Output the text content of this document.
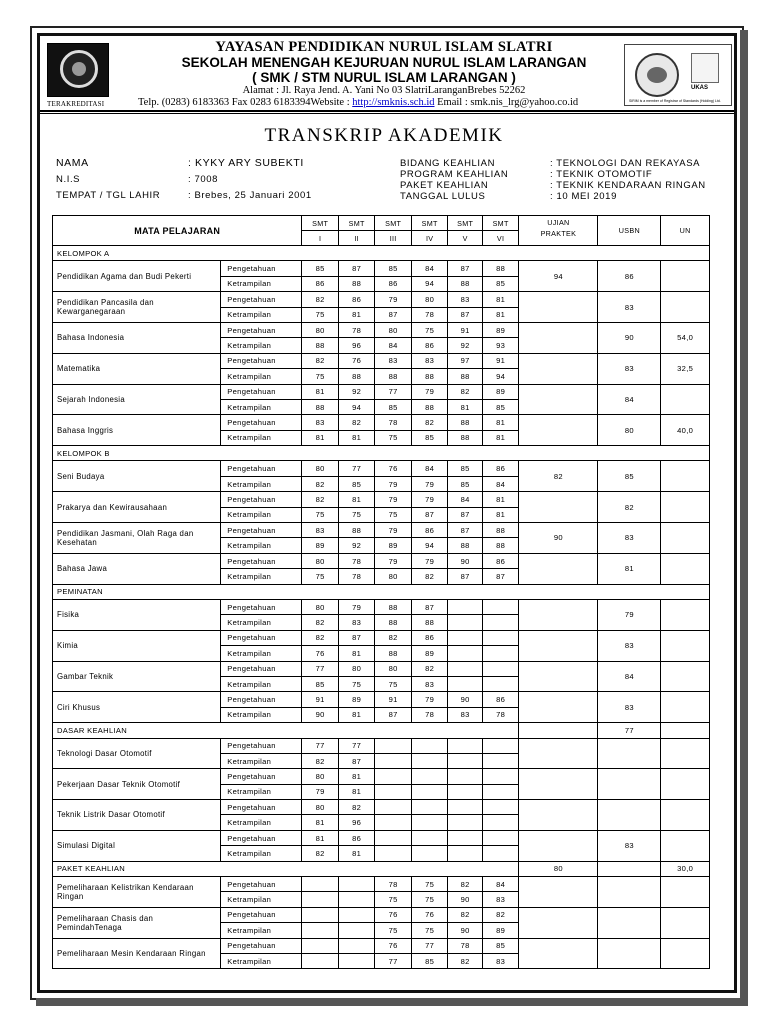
TERAKREDITASI
UKAS
SIRIM is a member of Registrar of Standards (Holding) Ltd.
YAYASAN PENDIDIKAN NURUL ISLAM SLATRI
SEKOLAH MENENGAH KEJURUAN NURUL ISLAM LARANGAN
( SMK / STM NURUL ISLAM LARANGAN )
Alamat : Jl. Raya Jend. A. Yani No 03 SlatriLaranganBrebes 52262
Telp. (0283) 6183363 Fax 0283 6183394Website : http://smknis.sch.id Email : smk.nis_lrg@yahoo.co.id
TRANSKRIP AKADEMIK
NAMA	: KYKY ARY SUBEKTI
N.I.S	: 7008
TEMPAT / TGL LAHIR	: Brebes, 25 Januari 2001
BIDANG KEAHLIAN	: TEKNOLOGI DAN REKAYASA
PROGRAM KEAHLIAN	: TEKNIK OTOMOTIF
PAKET KEAHLIAN	: TEKNIK KENDARAAN RINGAN
TANGGAL LULUS	: 10 MEI 2019
MATA PELAJARAN		SMT	SMT	SMT	SMT	SMT	SMT	UJIAN
PRAKTEK	USBN	UN
		I	II	III	IV	V	VI			
KELOMPOK A										
Pendidikan Agama dan Budi Pekerti	Pengetahuan	85	87	85	84	87	88	94	86	
	Ketrampilan	86	88	86	94	88	85			
Pendidikan Pancasila dan Kewarganegaraan	Pengetahuan	82	86	79	80	83	81		83	
	Ketrampilan	75	81	87	78	87	81			
Bahasa Indonesia	Pengetahuan	80	78	80	75	91	89		90	54,0
	Ketrampilan	88	96	84	86	92	93			
Matematika	Pengetahuan	82	76	83	83	97	91		83	32,5
	Ketrampilan	75	88	88	88	88	94			
Sejarah Indonesia	Pengetahuan	81	92	77	79	82	89		84	
	Ketrampilan	88	94	85	88	81	85			
Bahasa Inggris	Pengetahuan	83	82	78	82	88	81		80	40,0
	Ketrampilan	81	81	75	85	88	81			
KELOMPOK B										
Seni Budaya	Pengetahuan	80	77	76	84	85	86	82	85	
	Ketrampilan	82	85	79	79	85	84			
Prakarya dan Kewirausahaan	Pengetahuan	82	81	79	79	84	81		82	
	Ketrampilan	75	75	75	87	87	81			
Pendidikan Jasmani, Olah Raga dan Kesehatan	Pengetahuan	83	88	79	86	87	88	90	83	
	Ketrampilan	89	92	89	94	88	88			
Bahasa Jawa	Pengetahuan	80	78	79	79	90	86		81	
	Ketrampilan	75	78	80	82	87	87			
PEMINATAN										
Fisika	Pengetahuan	80	79	88	87				79	
	Ketrampilan	82	83	88	88					
Kimia	Pengetahuan	82	87	82	86				83	
	Ketrampilan	76	81	88	89					
Gambar Teknik	Pengetahuan	77	80	80	82				84	
	Ketrampilan	85	75	75	83					
Ciri Khusus	Pengetahuan	91	89	91	79	90	86		83	
	Ketrampilan	90	81	87	78	83	78			
DASAR KEAHLIAN									77	
Teknologi Dasar Otomotif	Pengetahuan	77	77							
	Ketrampilan	82	87							
Pekerjaan Dasar Teknik Otomotif	Pengetahuan	80	81							
	Ketrampilan	79	81							
Teknik Listrik Dasar Otomotif	Pengetahuan	80	82							
	Ketrampilan	81	96							
Simulasi Digital	Pengetahuan	81	86						83	
	Ketrampilan	82	81							
PAKET KEAHLIAN								80		30,0
Pemeliharaan Kelistrikan Kendaraan Ringan	Pengetahuan			78	75	82	84			
	Ketrampilan			75	75	90	83			
Pemeliharaan Chasis dan PemindahTenaga	Pengetahuan			76	76	82	82			
	Ketrampilan			75	75	90	89			
Pemeliharaan Mesin Kendaraan Ringan	Pengetahuan			76	77	78	85			
	Ketrampilan			77	85	82	83			
